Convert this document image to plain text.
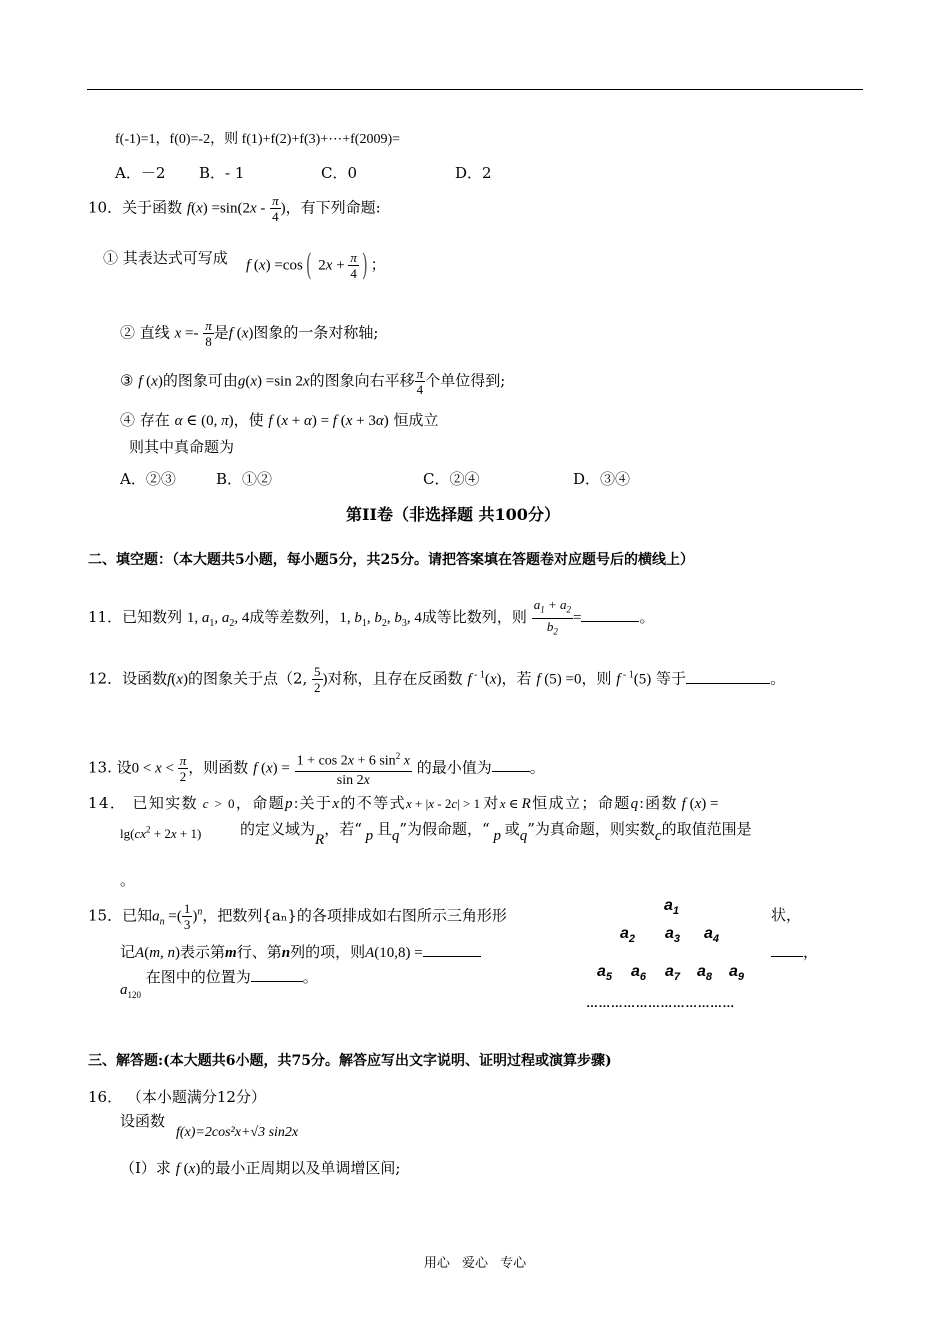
f(-1)=1，f(0)=-2，则 f(1)+f(2)+f(3)+⋯+f(2009)=
A．－2 B．- 1	C．0	D．2
10．关于函数 $f(x) =\sin(2x - \frac{\pi}{4}$ )，有下列命题:
① 其表达式可写成 f (x) =cos( $2x + \frac{\pi}{4}$ ) ；
② 直线 $x =- \frac{\pi}{8}$ 是f (x)图象的一条对称轴;
③ f (x)的图象可由g(x) =sin 2x的图象向右平移 $\frac{\pi}{4}$ 个单位得到;
④ 存在 α ∈ (0, π)，使 f (x + α) = f (x + 3α) 恒成立
则其中真命题为
A．②③	B．①②	C．②④	D．③④
第II卷（非选择题 共100分）
二、填空题：（本大题共5小题，每小题5分，共25分。请把答案填在答题卷对应题号后的横线上）
11．已知数列 1, $a_1$, $a_2$, 4成等差数列，1, $b_1$, $b_2$, $b_3$, 4成等比数列，则 $\frac{a_1 + a_2}{b_2}$ =	。
12．设函数f(x)的图象关于点（2, $\frac{5}{2}$ )对称，且存在反函数 f $^{- 1}$(x)，若 f (5) =0，则 f $^{- 1}$(5) 等于	。
13. 设$0 < x < \frac{\pi}{2}$ ，则函数 f $(x) = \frac{1 + \cos 2x + 6 \sin^2 x}{\sin 2x}$ 的最小值为	。
14． 已知实数 c > 0，命题p:关于x的不等式x + |x - 2c| > 1 对x ∈ R恒成立；命题q:函数 f (x) =
$\lg(cx^2 + 2x + 1)$	的定义域为R，若“ p 且q”为假命题，“ p 或q”为真命题，则实数c的取值范围是
。
15．已知$a_n$ =( $\frac{1}{3} )^n$，把数列{aₙ}的各项排成如右图所示三角形形	状，
记A(m, n)表示第m行、第n列的项，则A(10,8) =	，
$a_{120}$ 在图中的位置为	。
$a_1$
$a_2$ $a_3$ $a_4$
$a_5$ $a_6$ $a_7$ $a_8$ $a_9$
………………………………
三、解答题:(本大题共6小题，共75分。解答应写出文字说明、证明过程或演算步骤)
16． （本小题满分12分）
设函数
f(x)=2cos²x+√3 sin2x
（I）求 f (x)的最小正周期以及单调增区间;
用心 爱心 专心
